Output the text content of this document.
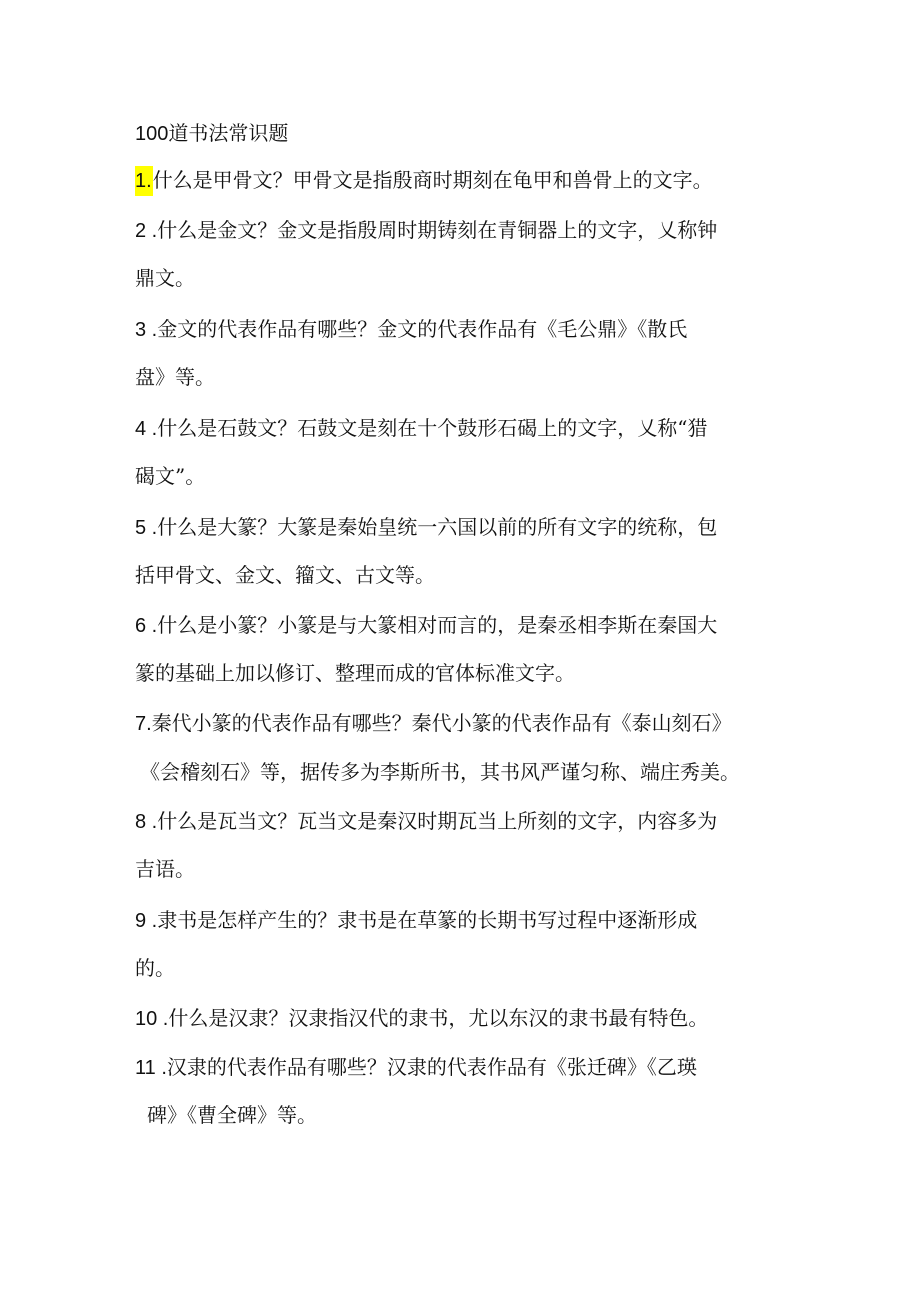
100道书法常识题
1.什么是甲骨文？甲骨文是指殷商时期刻在龟甲和兽骨上的文字。
2 .什么是金文？金文是指殷周时期铸刻在青铜器上的文字，乂称钟
鼎文。
3 .金文的代表作品有哪些？金文的代表作品有《毛公鼎》《散氏
盘》等。
4 .什么是石鼓文？石鼓文是刻在十个鼓形石碣上的文字，乂称“猎
碣文”。
5 .什么是大篆？大篆是秦始皇统一六国以前的所有文字的统称，包
括甲骨文、金文、籀文、古文等。
6 .什么是小篆？小篆是与大篆相对而言的，是秦丞相李斯在秦国大
篆的基础上加以修订、整理而成的官体标准文字。
7.秦代小篆的代表作品有哪些？秦代小篆的代表作品有《泰山刻石》
《会稽刻石》等，据传多为李斯所书，其书风严谨匀称、端庄秀美。
8 .什么是瓦当文？瓦当文是秦汉时期瓦当上所刻的文字，内容多为
吉语。
9 .隶书是怎样产生的？隶书是在草篆的长期书写过程中逐渐形成
的。
10 .什么是汉隶？汉隶指汉代的隶书，尤以东汉的隶书最有特色。
11 .汉隶的代表作品有哪些？汉隶的代表作品有《张迁碑》《乙瑛
碑》《曹全碑》等。
